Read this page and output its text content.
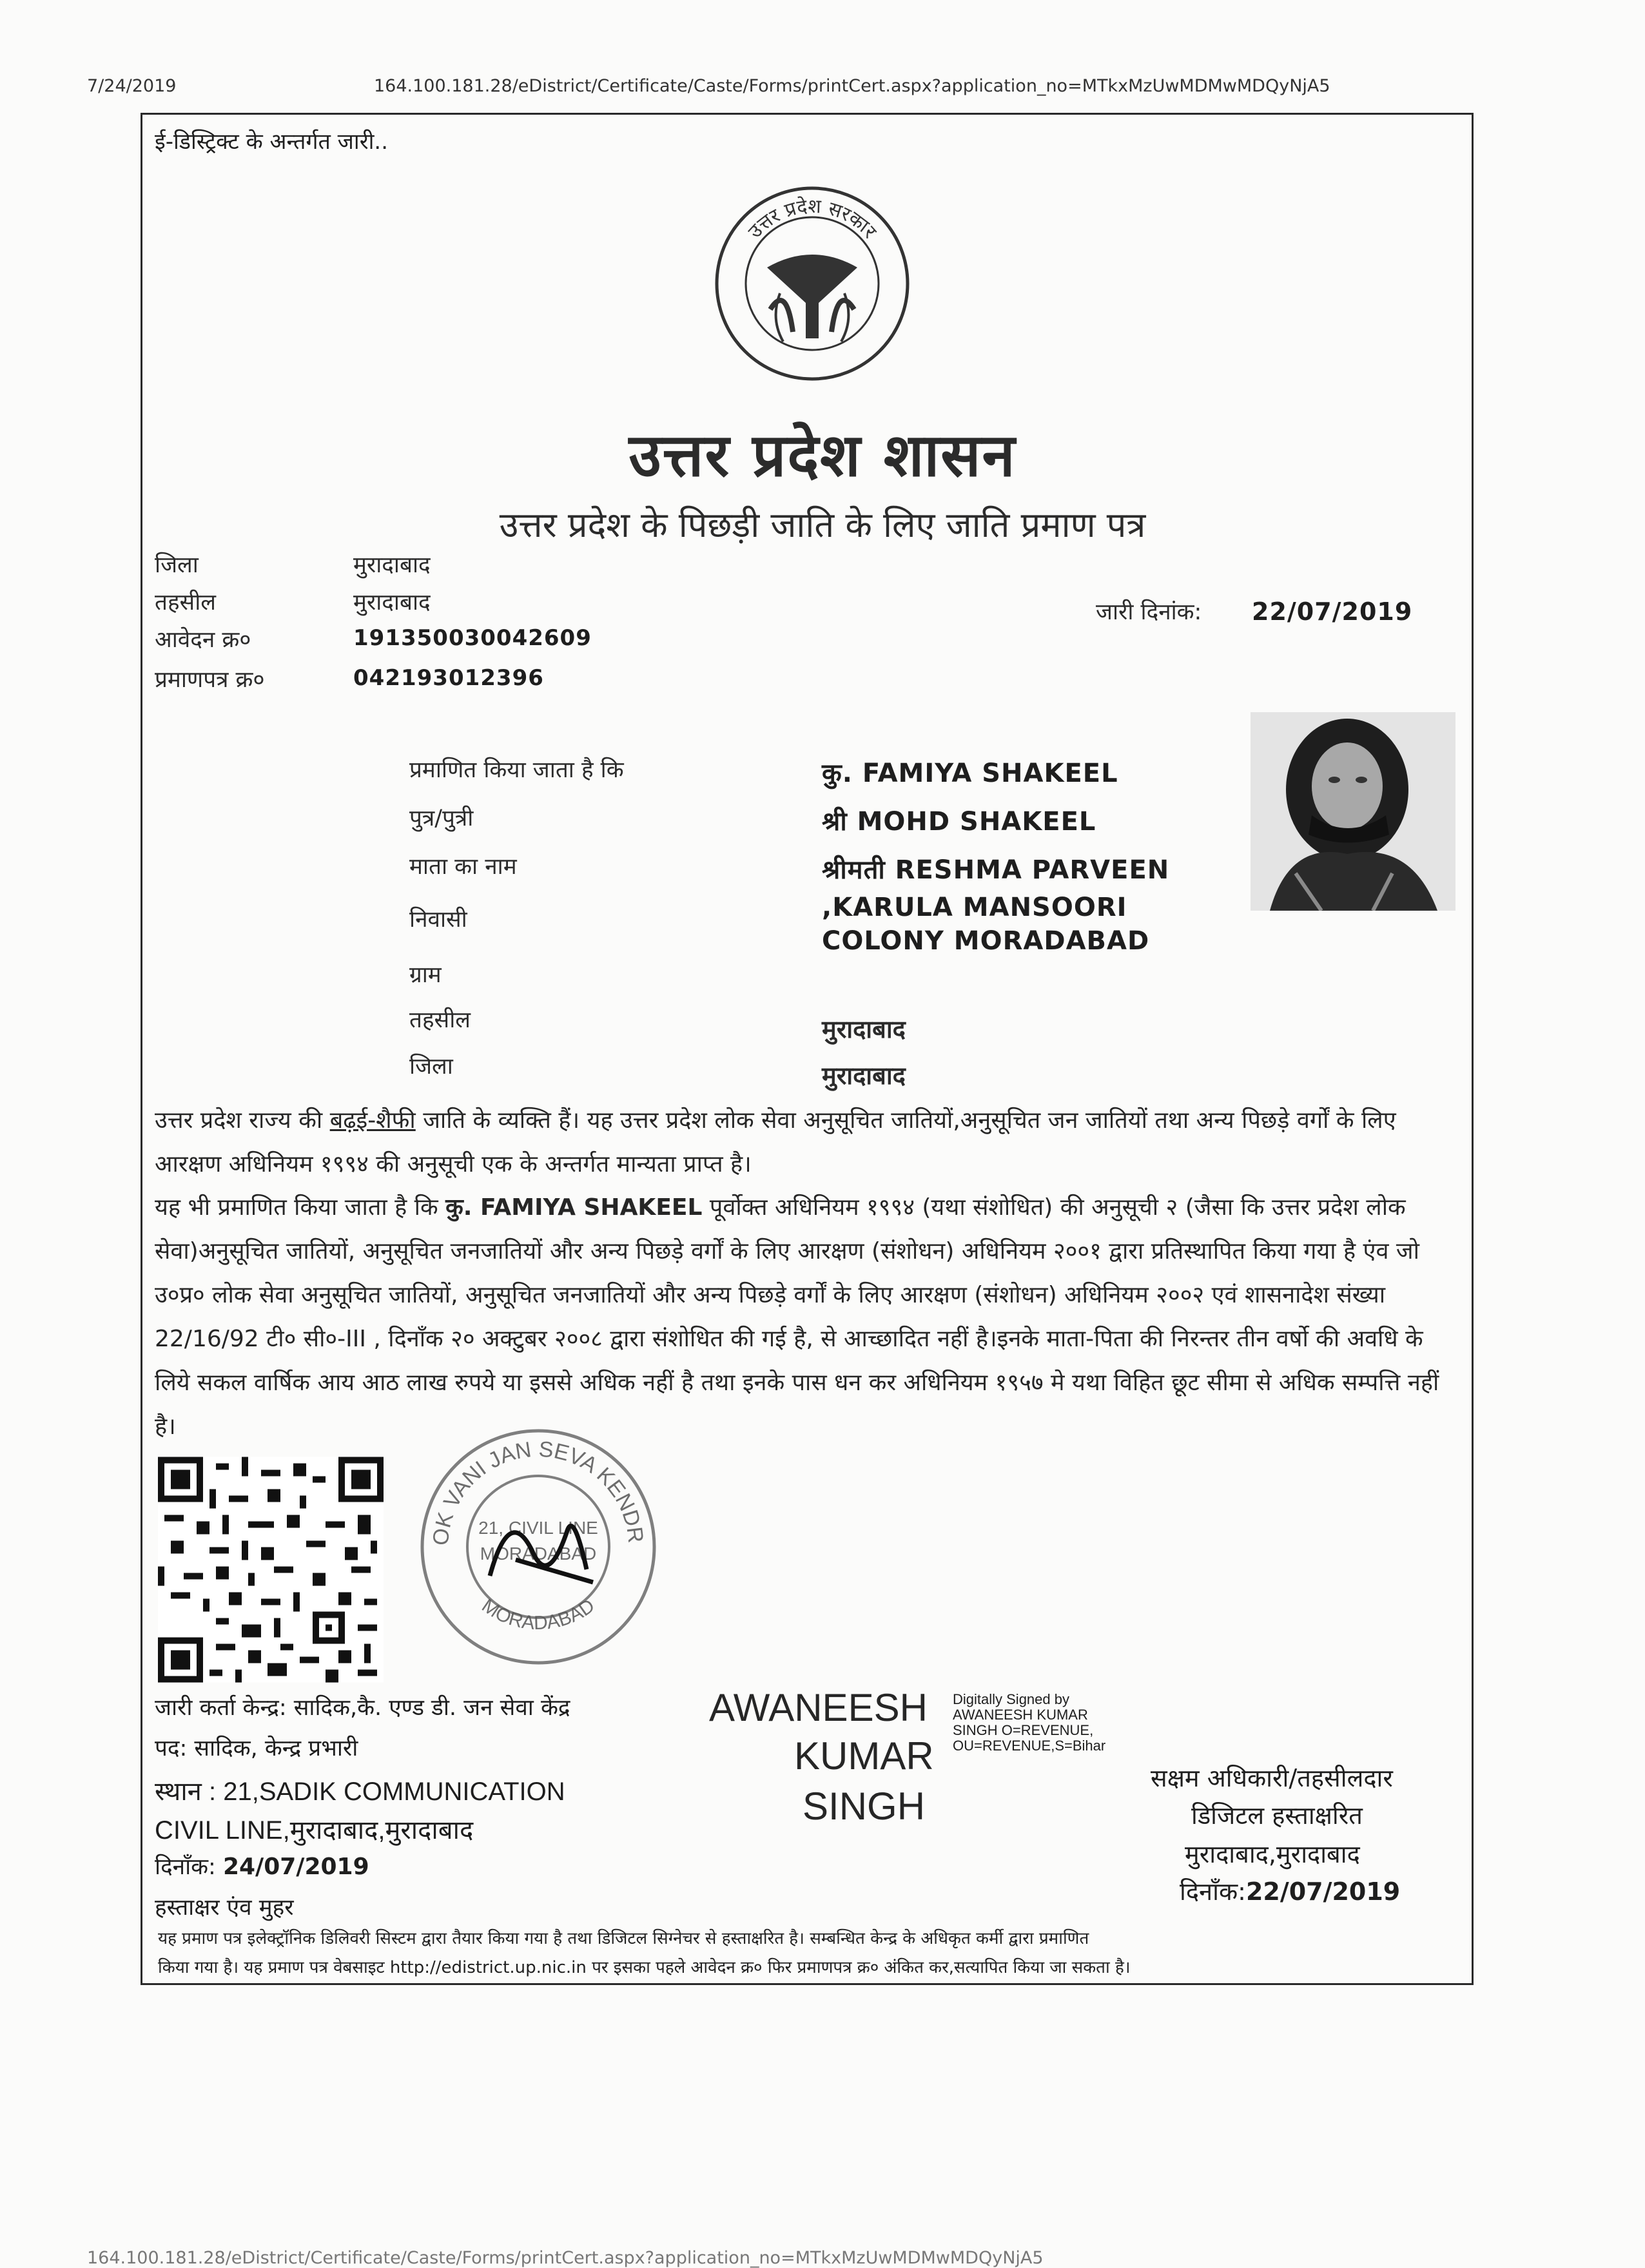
7/24/2019	164.100.181.28/eDistrict/Certificate/Caste/Forms/printCert.aspx?application_no=MTkxMzUwMDMwMDQyNjA5
ई-डिस्ट्रिक्ट के अन्तर्गत जारी..
उत्तर प्रदेश सरकार
उत्तर प्रदेश शासन
उत्तर प्रदेश के पिछड़ी जाति के लिए जाति प्रमाण पत्र
जिला	मुरादाबाद
तहसील	मुरादाबाद
आवेदन क्र०	191350030042609
प्रमाणपत्र क्र०	042193012396
जारी दिनांक: 22/07/2019
प्रमाणित किया जाता है कि	कु. FAMIYA SHAKEEL
पुत्र/पुत्री	श्री MOHD SHAKEEL
माता का नाम	श्रीमती RESHMA PARVEEN
निवासी	,KARULA MANSOORI
COLONY MORADABAD
ग्राम
तहसील	मुरादाबाद
जिला	मुरादाबाद
उत्तर प्रदेश राज्य की बढ़ई-शैफी जाति के व्यक्ति हैं। यह उत्तर प्रदेश लोक सेवा अनुसूचित जातियों,अनुसूचित जन जातियों तथा अन्य पिछड़े वर्गों के लिए आरक्षण अधिनियम १९९४ की अनुसूची एक के अन्तर्गत मान्यता प्राप्त है।
यह भी प्रमाणित किया जाता है कि कु. FAMIYA SHAKEEL पूर्वोक्त अधिनियम १९९४ (यथा संशोधित) की अनुसूची २ (जैसा कि उत्तर प्रदेश लोक सेवा)अनुसूचित जातियों, अनुसूचित जनजातियों और अन्य पिछड़े वर्गों के लिए आरक्षण (संशोधन) अधिनियम २००१ द्वारा प्रतिस्थापित किया गया है एंव जो उ०प्र० लोक सेवा अनुसूचित जातियों, अनुसूचित जनजातियों और अन्य पिछड़े वर्गों के लिए आरक्षण (संशोधन) अधिनियम २००२ एवं शासनादेश संख्या 22/16/92 टी० सी०-III , दिनाँक २० अक्टुबर २००८ द्वारा संशोधित की गई है, से आच्छादित नहीं है।इनके माता-पिता की निरन्तर तीन वर्षो की अवधि के लिये सकल वार्षिक आय आठ लाख रुपये या इससे अधिक नहीं है तथा इनके पास धन कर अधिनियम १९५७ मे यथा विहित छूट सीमा से अधिक सम्पत्ति नहीं है।
OK VANI JAN SEVA KENDR
MORADABAD
21, CIVIL LINE
MORADABAD
जारी कर्ता केन्द्र: सादिक,कै. एण्ड डी. जन सेवा केंद्र
पद: सादिक, केन्द्र प्रभारी
स्थान : 21,SADIK COMMUNICATION
CIVIL LINE,मुरादाबाद,मुरादाबाद
दिनाँक: 24/07/2019
हस्ताक्षर एंव मुहर
AWANEESH
KUMAR
SINGH
Digitally Signed by
AWANEESH KUMAR
SINGH O=REVENUE,
OU=REVENUE,S=Bihar
सक्षम अधिकारी/तहसीलदार
डिजिटल हस्ताक्षरित
मुरादाबाद,मुरादाबाद
दिनाँक:22/07/2019
यह प्रमाण पत्र इलेक्ट्रॉनिक डिलिवरी सिस्टम द्वारा तैयार किया गया है तथा डिजिटल सिग्नेचर से हस्ताक्षरित है। सम्बन्धित केन्द्र के अधिकृत कर्मी द्वारा प्रमाणित
किया गया है। यह प्रमाण पत्र वेबसाइट http://edistrict.up.nic.in पर इसका पहले आवेदन क्र० फिर प्रमाणपत्र क्र० अंकित कर,सत्यापित किया जा सकता है।
164.100.181.28/eDistrict/Certificate/Caste/Forms/printCert.aspx?application_no=MTkxMzUwMDMwMDQyNjA5
